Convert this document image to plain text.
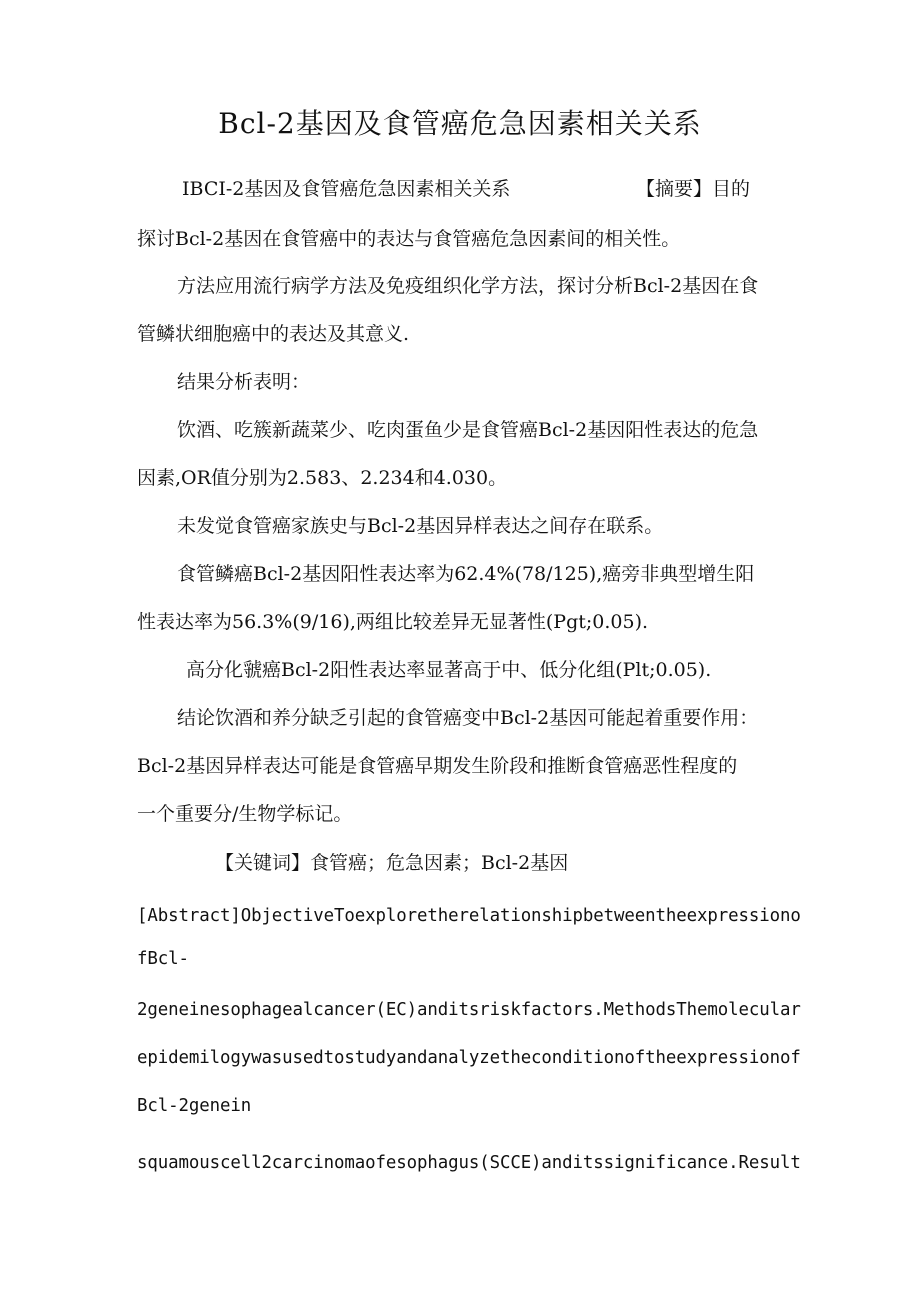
Bcl-2基因及食管癌危急因素相关关系
IBCI-2基因及食管癌危急因素相关关系	【摘要】目的
探讨Bcl-2基因在食管癌中的表达与食管癌危急因素间的相关性。
方法应用流行病学方法及免疫组织化学方法，探讨分析Bcl-2基因在食
管鳞状细胞癌中的表达及其意义.
结果分析表明：
饮酒、吃簇新蔬菜少、吃肉蛋鱼少是食管癌Bcl-2基因阳性表达的危急
因素,OR值分别为2.583、2.234和4.030。
未发觉食管癌家族史与Bcl-2基因异样表达之间存在联系。
食管鳞癌Bcl-2基因阳性表达率为62.4%(78/125),癌旁非典型增生阳
性表达率为56.3%(9/16),两组比较差异无显著性(Pgt;0.05).
高分化虢癌Bcl-2阳性表达率显著高于中、低分化组(Plt;0.05).
结论饮酒和养分缺乏引起的食管癌变中Bcl-2基因可能起着重要作用：
Bcl-2基因异样表达可能是食管癌早期发生阶段和推断食管癌恶性程度的
一个重要分/生物学标记。
【关键词】食管癌；危急因素；Bcl-2基因
[Abstract]ObjectiveToexploretherelationshipbetweentheexpressiono
fBcl-
2geneinesophagealcancer(EC)anditsriskfactors.MethodsThemolecular
epidemilogywasusedtostudyandanalyzetheconditionoftheexpressionof
Bcl-2genein
squamouscell2carcinomaofesophagus(SCCE)anditssignificance.Result
